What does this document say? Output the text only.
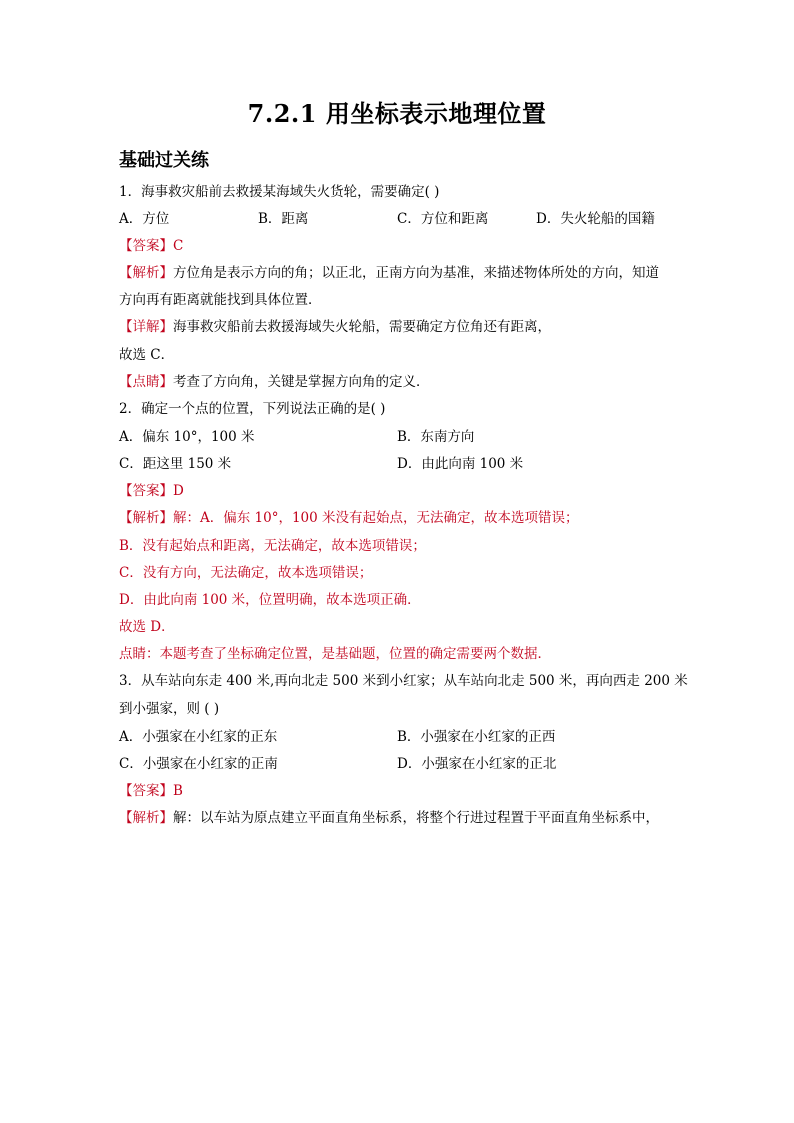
7.2.1 用坐标表示地理位置
基础过关练
1．海事救灾船前去救援某海域失火货轮，需要确定( )
A．方位	B．距离	C．方位和距离	D．失火轮船的国籍
【答案】C
【解析】方位角是表示方向的角；以正北，正南方向为基准，来描述物体所处的方向，知道
方向再有距离就能找到具体位置．
【详解】海事救灾船前去救援海域失火轮船，需要确定方位角还有距离，
故选 C．
【点睛】考查了方向角，关键是掌握方向角的定义．
2．确定一个点的位置，下列说法正确的是( )
A．偏东 10°，100 米	B．东南方向
C．距这里 150 米	D．由此向南 100 米
【答案】D
【解析】解：A．偏东 10°，100 米没有起始点，无法确定，故本选项错误；
B．没有起始点和距离，无法确定，故本选项错误；
C．没有方向，无法确定，故本选项错误；
D．由此向南 100 米，位置明确，故本选项正确．
故选 D．
点睛：本题考查了坐标确定位置，是基础题，位置的确定需要两个数据．
3．从车站向东走 400 米,再向北走 500 米到小红家；从车站向北走 500 米，再向西走 200 米
到小强家，则 ( )
A．小强家在小红家的正东	B．小强家在小红家的正西
C．小强家在小红家的正南	D．小强家在小红家的正北
【答案】B
【解析】解：以车站为原点建立平面直角坐标系，将整个行进过程置于平面直角坐标系中，
